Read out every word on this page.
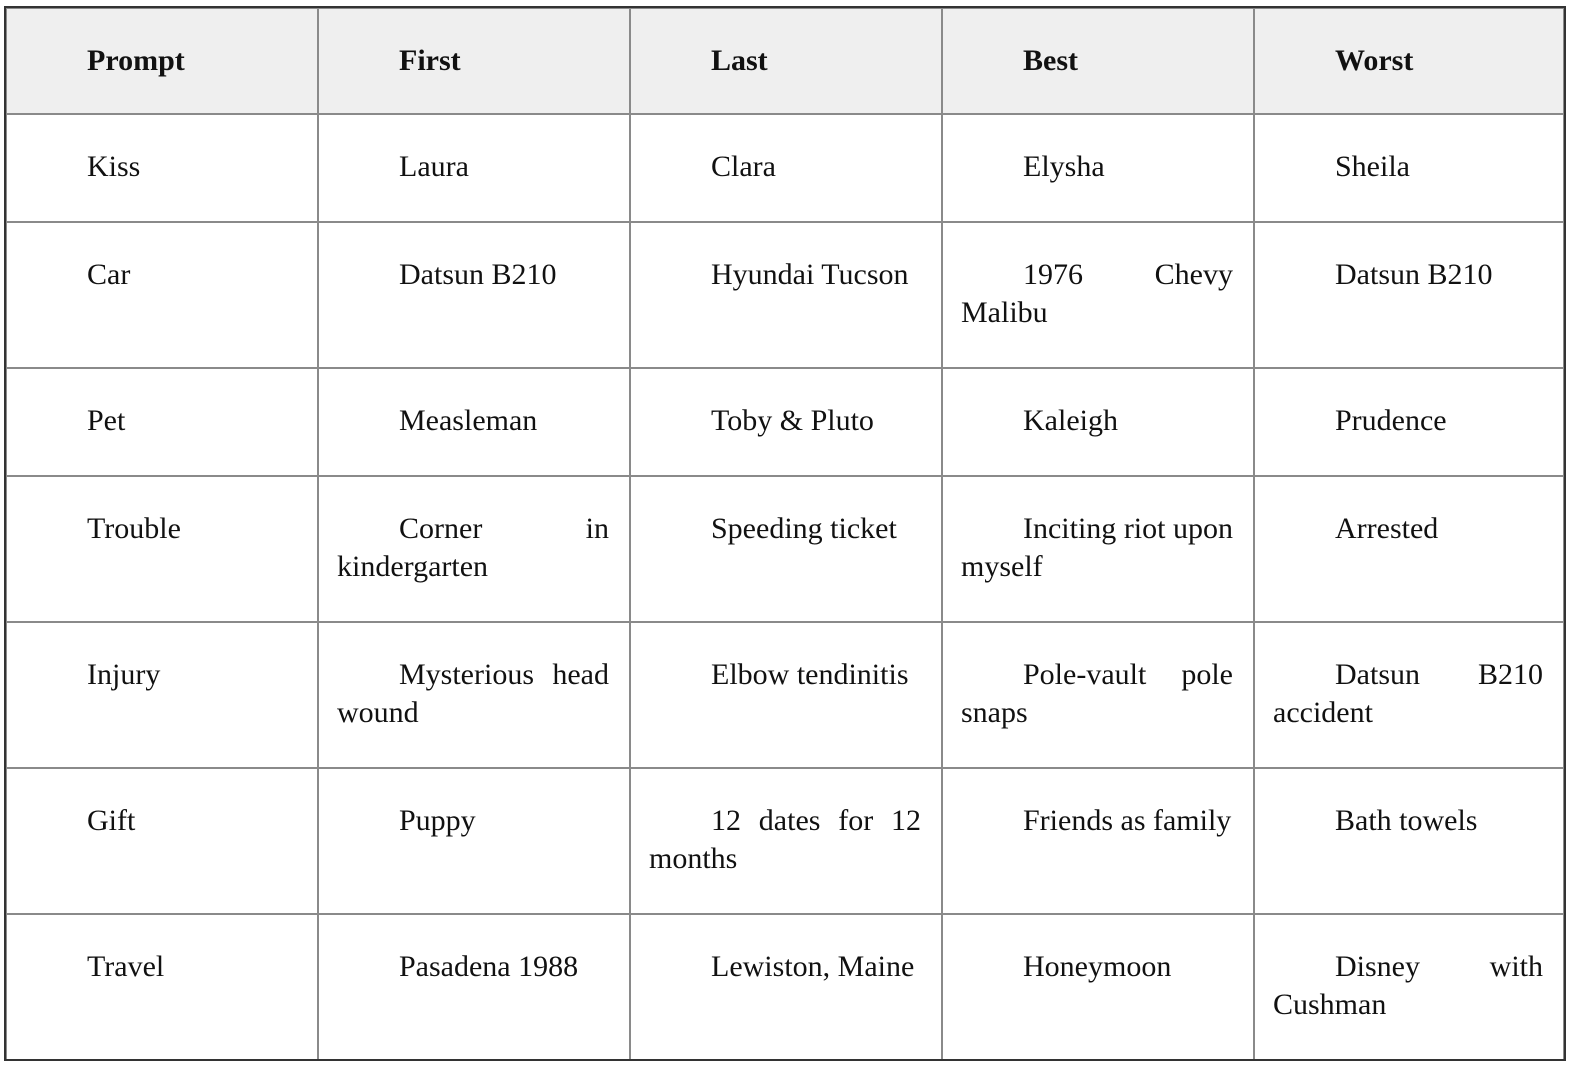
Prompt	First	Last	Best	Worst

Kiss	Laura	Clara	Elysha	Sheila

Car	Datsun B210	Hyundai Tucson	1976 Chevy Malibu	Datsun B210

Pet	Measleman	Toby & Pluto	Kaleigh	Prudence

Trouble	Corner in kindergarten	Speeding ticket	Inciting riot upon myself	Arrested

Injury	Mysterious head wound	Elbow tendinitis	Pole-vault pole snaps	Datsun B210 accident

Gift	Puppy	12 dates for 12 months	Friends as family	Bath towels

Travel	Pasadena 1988	Lewiston, Maine	Honeymoon	Disney with Cushman
